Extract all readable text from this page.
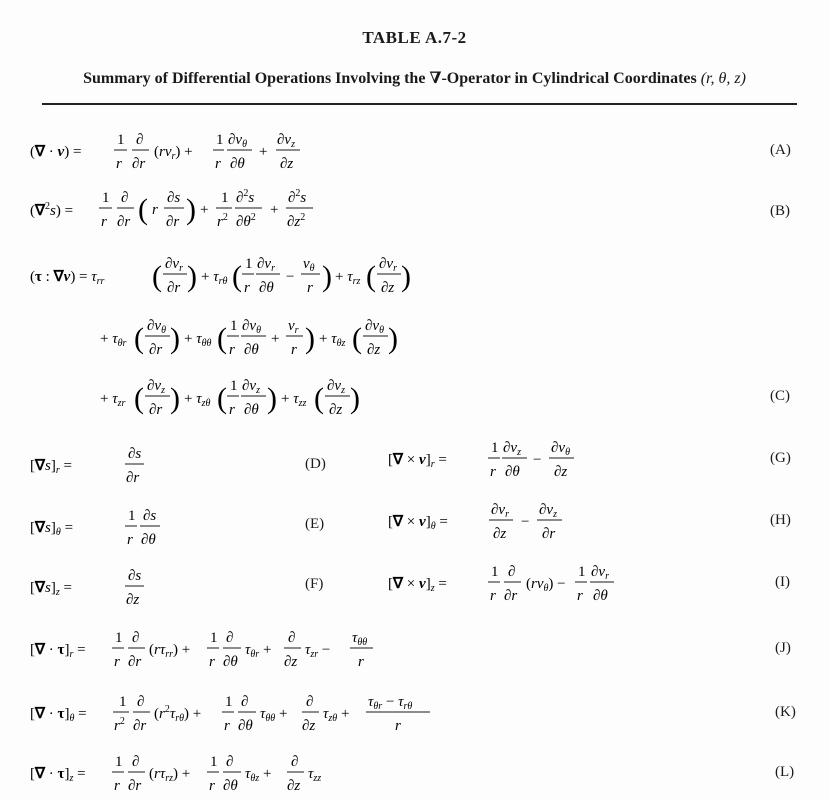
TABLE A.7-2
Summary of Differential Operations Involving the ∇-Operator in Cylindrical Coordinates (r, θ, z)
(∇ · v) =
1
r
∂
∂r
$(rv_r)$ +
1
r
$\partial v_\theta$
∂θ
+
$\partial v_z$
∂z
(A)
(∇$^2$s) =
1
r
∂
∂r ( r
∂s
∂r ) +
1
$r^2$
∂$^2$s
$\partial\theta^2$ +
∂$^2$s
$\partial z^2$	(B)
(τ : $\nabla v) = \tau_{rr}$ ( $\partial v_r$
∂r ) + $\tau_{r\theta}$ ( 1
r
$\partial v_r$
∂θ
−
$v_\theta$
r ) + $\tau_{rz}$ ( $\partial v_r$
∂z )
+ $\tau_{\theta r}$ ( $\partial v_\theta$
∂r ) + $\tau_{\theta\theta}$ ( 1
r
$\partial v_\theta$
∂θ
+
$v_r$
r ) + $\tau_{\theta z}$ ( $\partial v_\theta$
∂z )
+ $\tau_{zr}$ ( $\partial v_z$
∂r ) + $\tau_{z\theta}$ ( 1
r
$\partial v_z$
∂θ ) + $\tau_{zz}$ ( $\partial v_z$
∂z )	(C)
$[\nabla s]_r$ =
∂s
∂r
(D)
$[\nabla s]_\theta$ =
1
r
∂s
∂θ
(E)
$[\nabla s]_z$ =
∂s
∂z
(F)
[∇ × $v]_r$ =
1
r
$\partial v_z$
∂θ
−
$\partial v_\theta$
∂z
(G)
[∇ × $v]_\theta$ =
$\partial v_r$
∂z
−
$\partial v_z$
∂r
(H)
[∇ × $v]_z$ =
1
r
∂
∂r
$(rv_\theta)$ −
1
r
$\partial v_r$
∂θ
(I)
[∇ · $\tau]_r$ =
1
r
∂
∂r
$(r\tau_{rr})$ +
1
r
∂
∂θ
$\tau_{\theta r}$ +
∂
∂z
$\tau_{zr}$ −
$\tau_{\theta\theta}$
r
(J)
[∇ · $\tau]_\theta$ =
1
$r^2$
∂
∂r
$(r^2\tau_{r\theta})$ +
1
r
∂
∂θ
$\tau_{\theta\theta}$ +
∂
∂z
$\tau_{z\theta}$ +
$\tau_{\theta r} - \tau_{r\theta}$
r
(K)
[∇ · $\tau]_z$ =
1
r
∂
∂r
$(r\tau_{rz})$ +
1
r
∂
∂θ
$\tau_{\theta z}$ +
∂
∂z
$\tau_{zz}$	(L)
